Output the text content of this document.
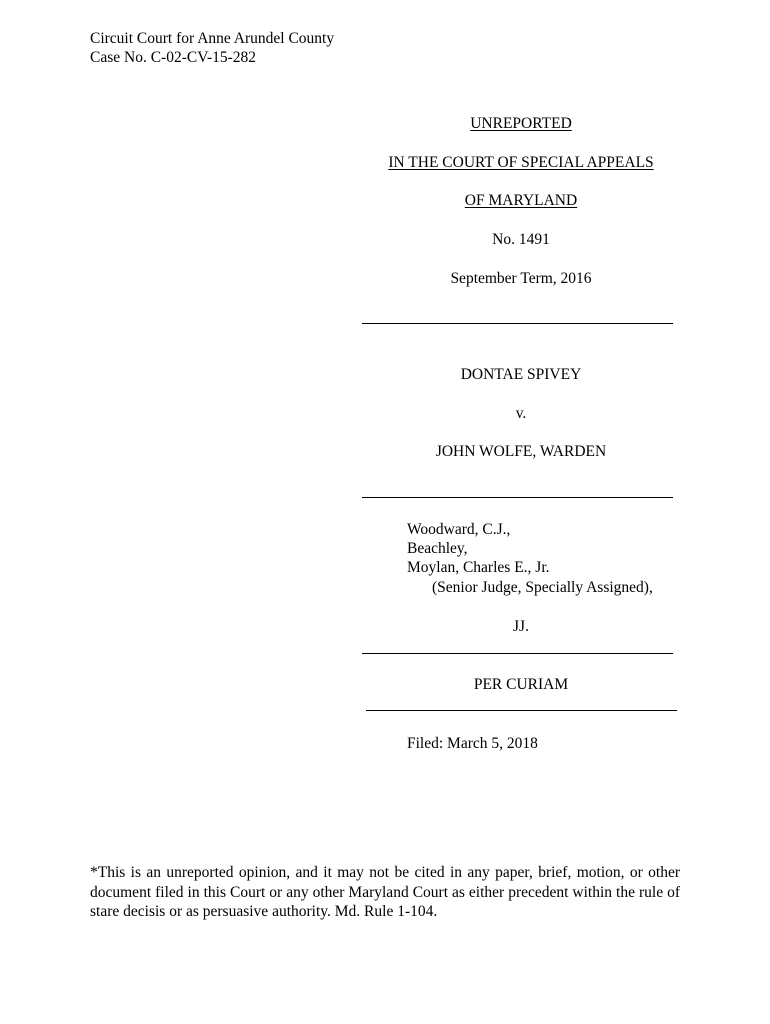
Circuit Court for Anne Arundel County
Case No. C-02-CV-15-282
UNREPORTED
IN THE COURT OF SPECIAL APPEALS
OF MARYLAND
No. 1491
September Term, 2016
DONTAE SPIVEY
v.
JOHN WOLFE, WARDEN
Woodward, C.J.,
Beachley,
Moylan, Charles E., Jr.
(Senior Judge, Specially Assigned),
JJ.
PER CURIAM
Filed: March 5, 2018
*This is an unreported opinion, and it may not be cited in any paper, brief, motion, or other document filed in this Court or any other Maryland Court as either precedent within the rule of stare decisis or as persuasive authority. Md. Rule 1-104.
